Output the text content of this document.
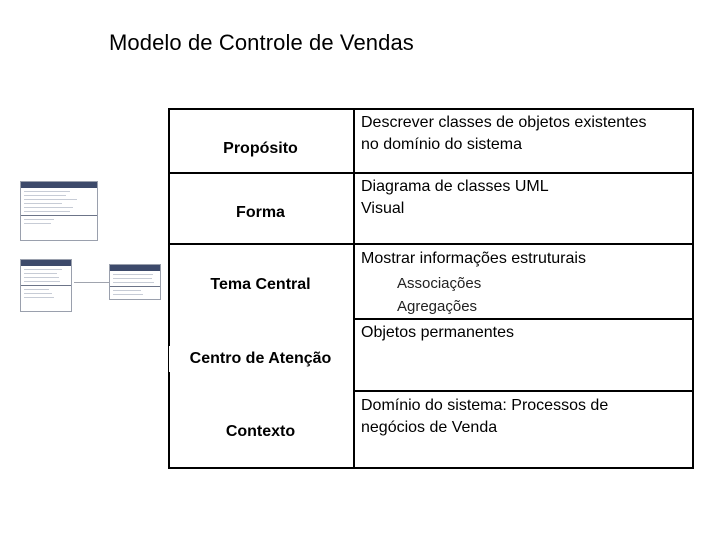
Modelo de Controle de Vendas
Propósito
Descrever classes de objetos existentes
no domínio do sistema
Forma
Diagrama de classes UML
Visual
Tema Central
Mostrar informações estruturais
Associações
Agregações
Centro de Atenção
Objetos permanentes
Contexto
Domínio do sistema: Processos de
negócios de Venda
